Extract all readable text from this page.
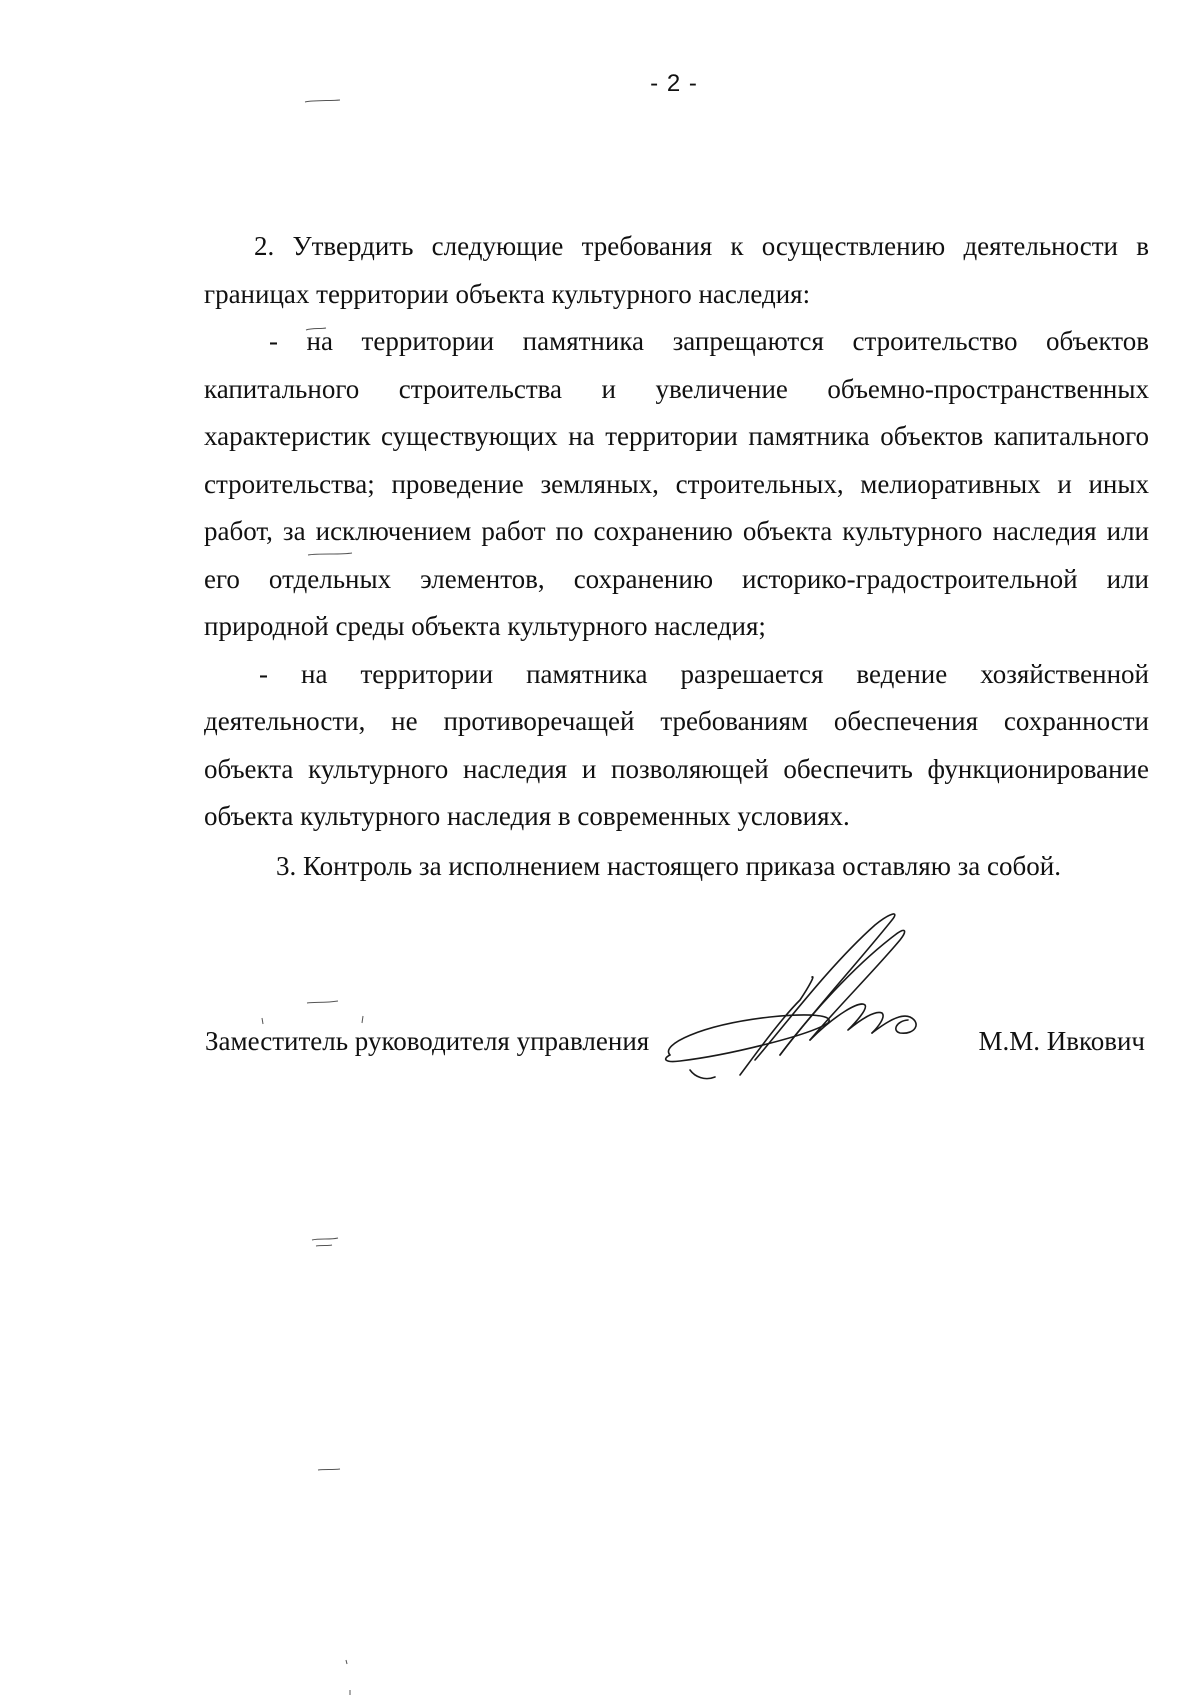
- 2 -

2. Утвердить следующие требования к осуществлению деятельности в границах территории объекта культурного наследия:

- на территории памятника запрещаются строительство объектов капитального строительства и увеличение объемно-пространственных характеристик существующих на территории памятника объектов капитального строительства; проведение земляных, строительных, мелиоративных и иных работ, за исключением работ по сохранению объекта культурного наследия или его отдельных элементов, сохранению историко-градостроительной или природной среды объекта культурного наследия;

- на территории памятника разрешается ведение хозяйственной деятельности, не противоречащей требованиям обеспечения сохранности объекта культурного наследия и позволяющей обеспечить функционирование объекта культурного наследия в современных условиях.

3. Контроль за исполнением настоящего приказа оставляю за собой.

Заместитель руководителя управления	М.М. Ивкович
